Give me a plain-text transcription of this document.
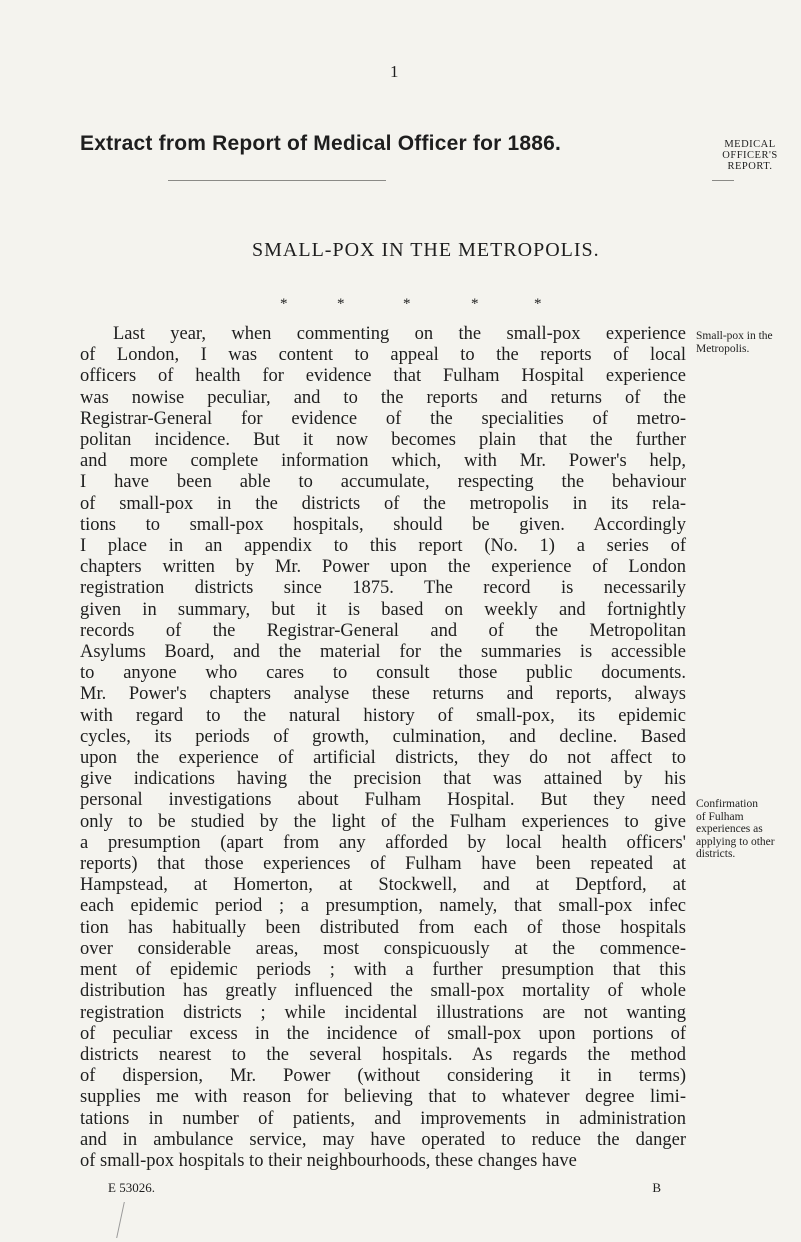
1
Extract from Report of Medical Officer for 1886.	MEDICAL
OFFICER'S
REPORT.
SMALL-POX IN THE METROPOLIS.
*	*	*	*	*
Last year, when commenting on the small-pox experience
of London, I was content to appeal to the reports of local
officers of health for evidence that Fulham Hospital experience
was nowise peculiar, and to the reports and returns of the
Registrar-General for evidence of the specialities of metro-
politan incidence. But it now becomes plain that the further
and more complete information which, with Mr. Power's help,
I have been able to accumulate, respecting the behaviour
of small-pox in the districts of the metropolis in its rela-
tions to small-pox hospitals, should be given. Accordingly
I place in an appendix to this report (No. 1) a series of
chapters written by Mr. Power upon the experience of London
registration districts since 1875. The record is necessarily
given in summary, but it is based on weekly and fortnightly
records of the Registrar-General and of the Metropolitan
Asylums Board, and the material for the summaries is accessible
to anyone who cares to consult those public documents.
Mr. Power's chapters analyse these returns and reports, always
with regard to the natural history of small-pox, its epidemic
cycles, its periods of growth, culmination, and decline. Based
upon the experience of artificial districts, they do not affect to
give indications having the precision that was attained by his
personal investigations about Fulham Hospital. But they need
only to be studied by the light of the Fulham experiences to give
a presumption (apart from any afforded by local health officers'
reports) that those experiences of Fulham have been repeated at
Hampstead, at Homerton, at Stockwell, and at Deptford, at
each epidemic period ; a presumption, namely, that small-pox infec
tion has habitually been distributed from each of those hospitals
over considerable areas, most conspicuously at the commence-
ment of epidemic periods ; with a further presumption that this
distribution has greatly influenced the small-pox mortality of whole
registration districts ; while incidental illustrations are not wanting
of peculiar excess in the incidence of small-pox upon portions of
districts nearest to the several hospitals. As regards the method
of dispersion, Mr. Power (without considering it in terms)
supplies me with reason for believing that to whatever degree limi-
tations in number of patients, and improvements in administration
and in ambulance service, may have operated to reduce the danger
of small-pox hospitals to their neighbourhoods, these changes have
Small-pox in the
Metropolis.
Confirmation
of Fulham
experiences as
applying to other
districts.
E 53026.	B
